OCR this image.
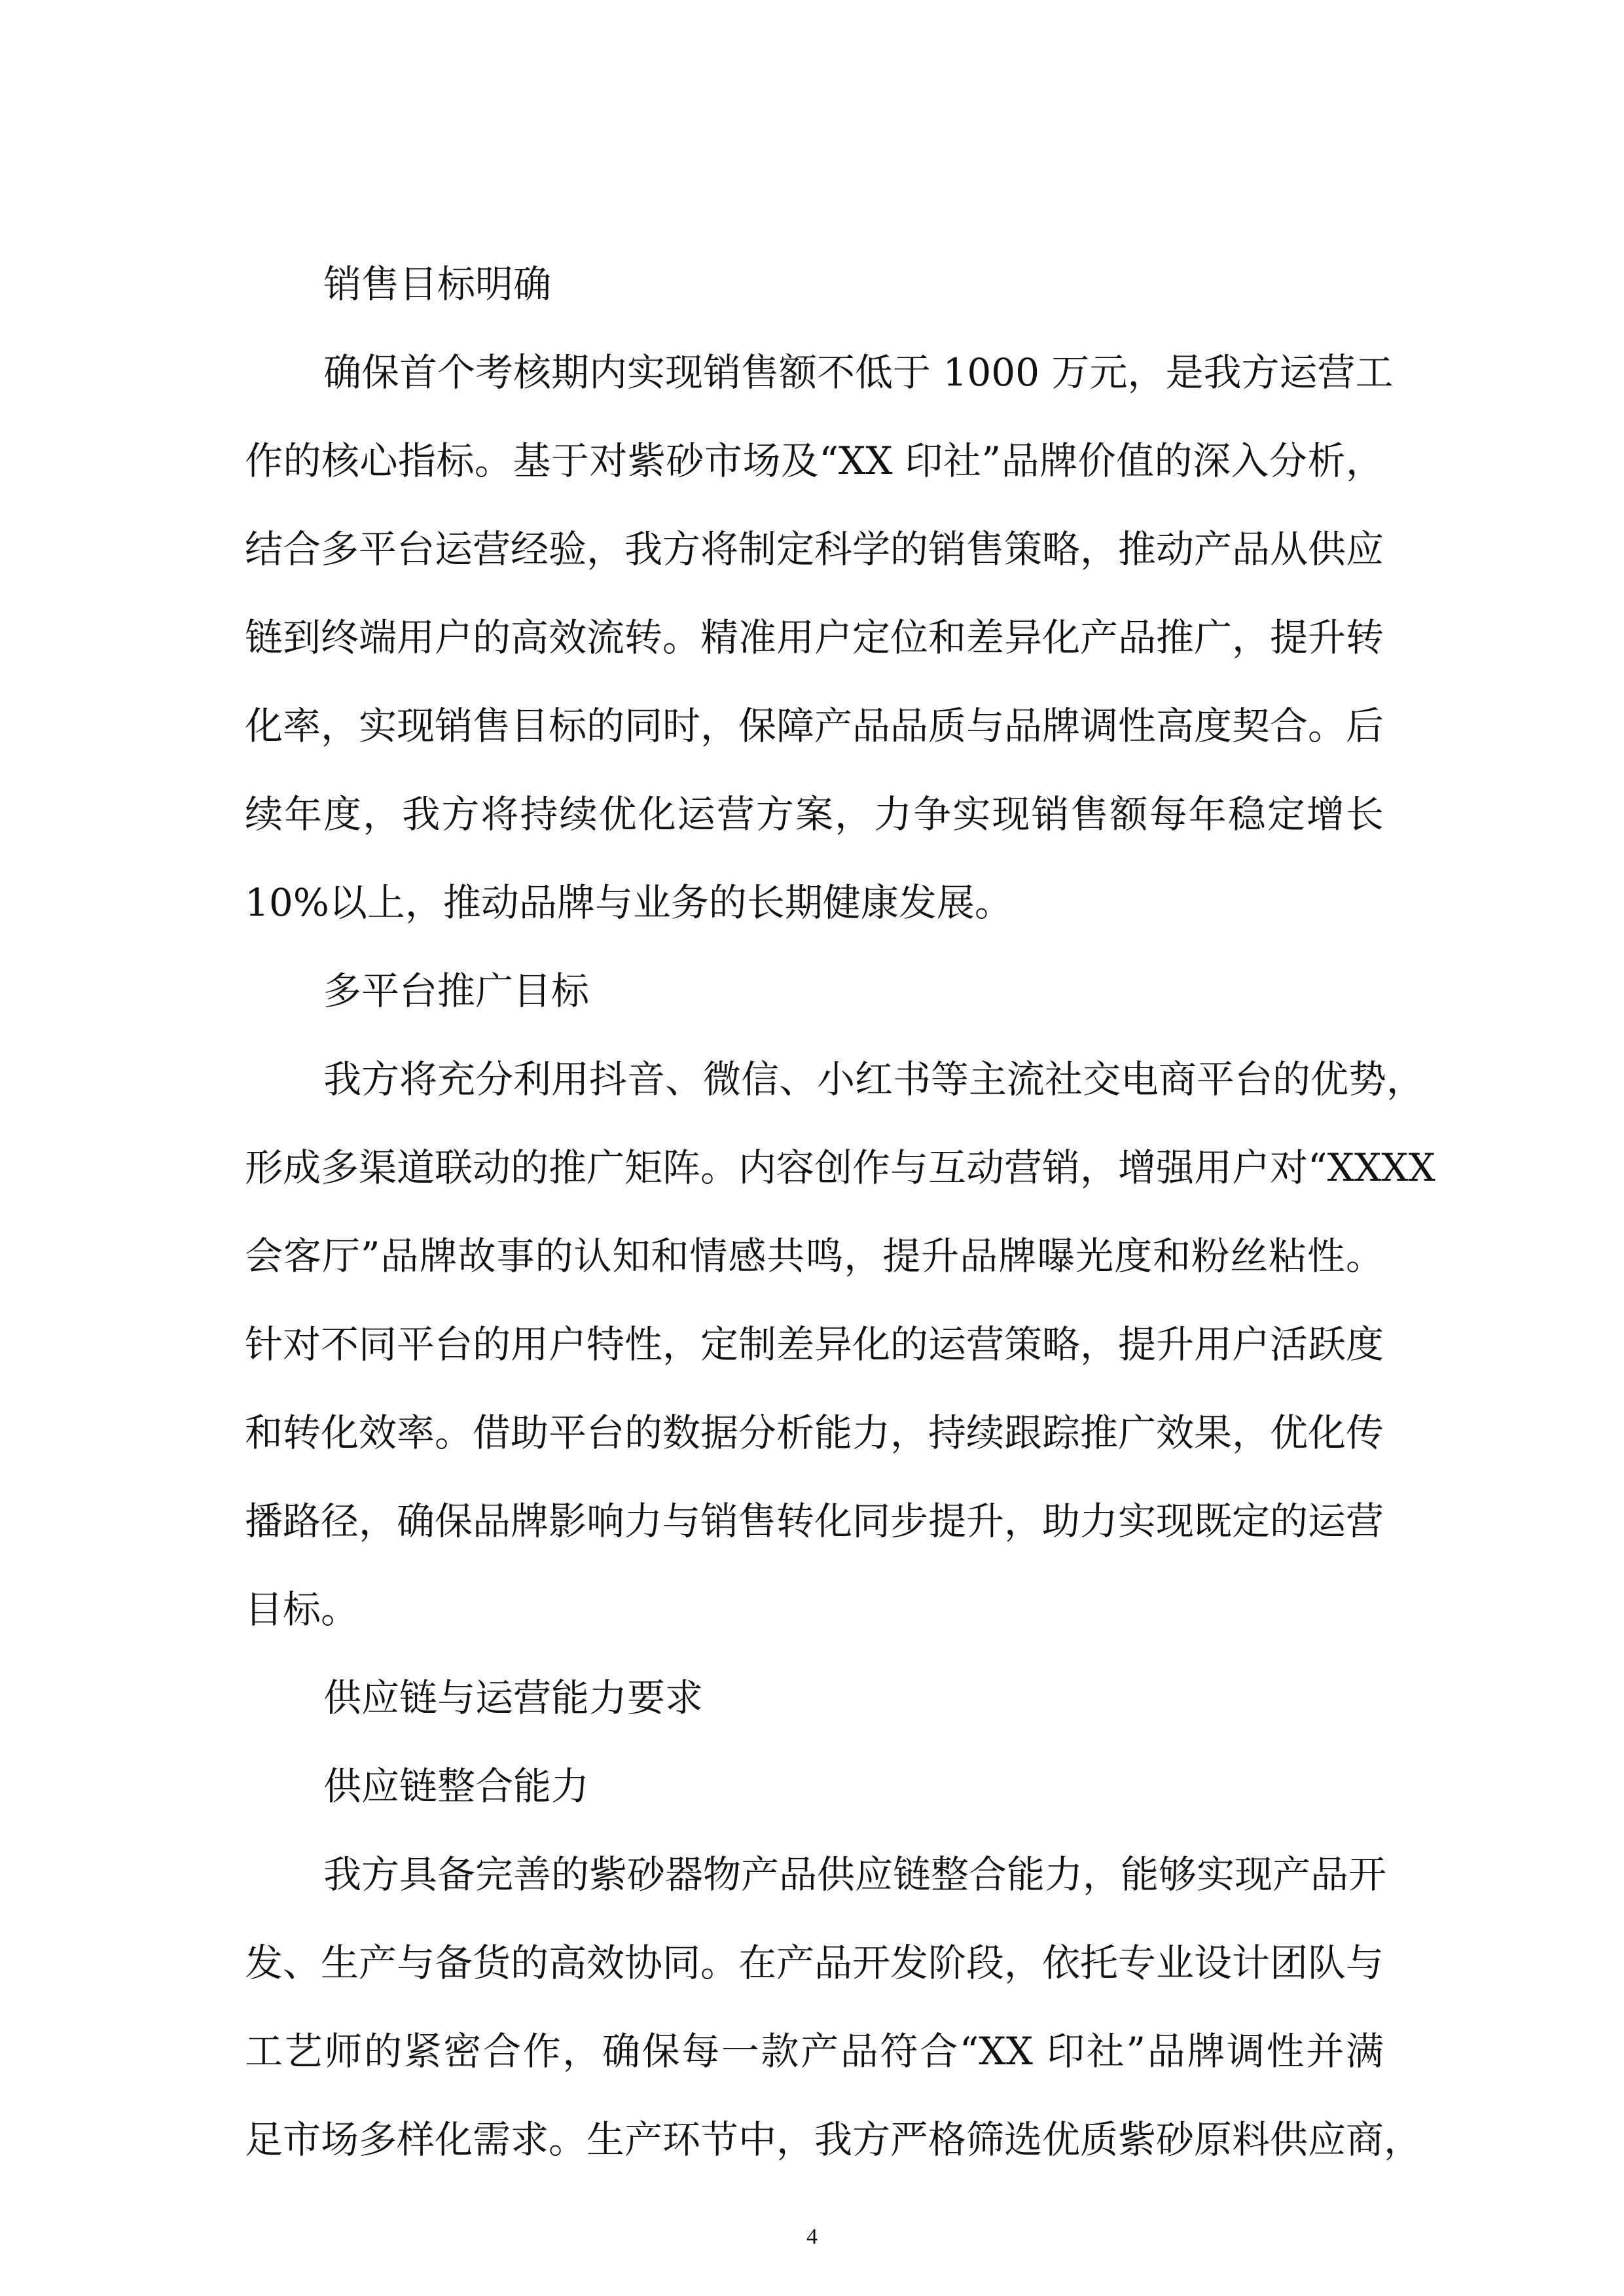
销售目标明确
确保首个考核期内实现销售额不低于 1000 万元，是我方运营工
作的核心指标。基于对紫砂市场及“XX 印社”品牌价值的深入分析，
结合多平台运营经验，我方将制定科学的销售策略，推动产品从供应
链到终端用户的高效流转。精准用户定位和差异化产品推广，提升转
化率，实现销售目标的同时，保障产品品质与品牌调性高度契合。后
续年度，我方将持续优化运营方案，力争实现销售额每年稳定增长
10%以上，推动品牌与业务的长期健康发展。
多平台推广目标
我方将充分利用抖音、微信、小红书等主流社交电商平台的优势，
形成多渠道联动的推广矩阵。内容创作与互动营销，增强用户对“XXXX
会客厅”品牌故事的认知和情感共鸣，提升品牌曝光度和粉丝粘性。
针对不同平台的用户特性，定制差异化的运营策略，提升用户活跃度
和转化效率。借助平台的数据分析能力，持续跟踪推广效果，优化传
播路径，确保品牌影响力与销售转化同步提升，助力实现既定的运营
目标。
供应链与运营能力要求
供应链整合能力
我方具备完善的紫砂器物产品供应链整合能力，能够实现产品开
发、生产与备货的高效协同。在产品开发阶段，依托专业设计团队与
工艺师的紧密合作，确保每一款产品符合“XX 印社”品牌调性并满
足市场多样化需求。生产环节中，我方严格筛选优质紫砂原料供应商，
4
